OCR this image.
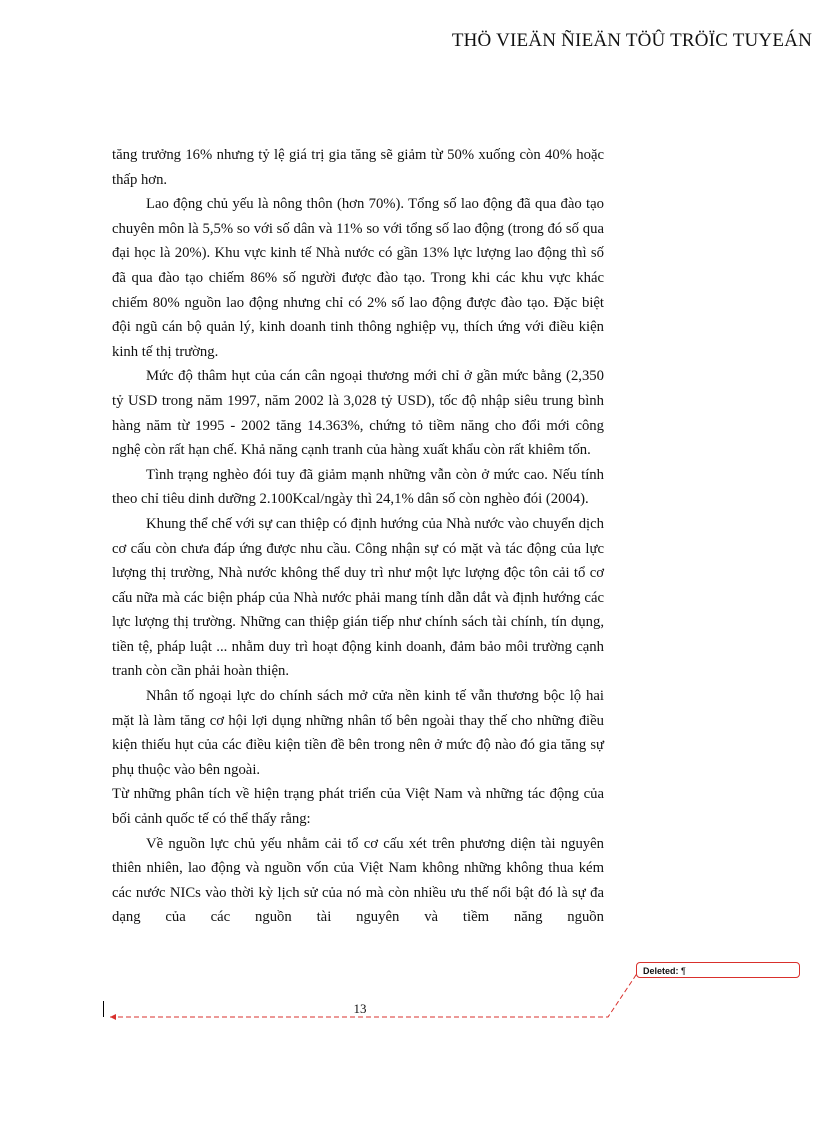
THÖ VIEÄN ÑIEÄN TÖÛ TRÖÏC TUYEÁN

tăng trưởng 16% nhưng tỷ lệ giá trị gia tăng sẽ giảm từ 50% xuống còn 40% hoặc thấp hơn.

Lao động chủ yếu là nông thôn (hơn 70%). Tổng số lao động đã qua đào tạo chuyên môn là 5,5% so với số dân và 11% so với tổng số lao động (trong đó số qua đại học là 20%). Khu vực kinh tế Nhà nước có gần 13% lực lượng lao động thì số đã qua đào tạo chiếm 86% số người được đào tạo. Trong khi các khu vực khác chiếm 80% nguồn lao động nhưng chỉ có 2% số lao động được đào tạo. Đặc biệt đội ngũ cán bộ quản lý, kinh doanh tinh thông nghiệp vụ, thích ứng với điều kiện kinh tế thị trường.

Mức độ thâm hụt của cán cân ngoại thương mới chỉ ở gần mức bằng (2,350 tỷ USD trong năm 1997, năm 2002 là 3,028 tỷ USD), tốc độ nhập siêu trung bình hàng năm từ 1995 - 2002 tăng 14.363%, chứng tỏ tiềm năng cho đổi mới công nghệ còn rất hạn chế. Khả năng cạnh tranh của hàng xuất khẩu còn rất khiêm tốn.

Tình trạng nghèo đói tuy đã giảm mạnh những vẫn còn ở mức cao. Nếu tính theo chỉ tiêu dinh dưỡng 2.100Kcal/ngày thì 24,1% dân số còn nghèo đói (2004).

Khung thể chế với sự can thiệp có định hướng của Nhà nước vào chuyển dịch cơ cấu còn chưa đáp ứng được nhu cầu. Công nhận sự có mặt và tác động của lực lượng thị trường, Nhà nước không thể duy trì như một lực lượng độc tôn cải tổ cơ cấu nữa mà các biện pháp của Nhà nước phải mang tính dẫn dắt và định hướng các lực lượng thị trường. Những can thiệp gián tiếp như chính sách tài chính, tín dụng, tiền tệ, pháp luật ... nhằm duy trì hoạt động kinh doanh, đảm bảo môi trường cạnh tranh còn cần phải hoàn thiện.

Nhân tố ngoại lực do chính sách mở cửa nền kinh tế vẫn thương bộc lộ hai mặt là làm tăng cơ hội lợi dụng những nhân tố bên ngoài thay thế cho những điều kiện thiếu hụt của các điều kiện tiền đề bên trong nên ở mức độ nào đó gia tăng sự phụ thuộc vào bên ngoài.

Từ những phân tích về hiện trạng phát triển của Việt Nam và những tác động của bối cảnh quốc tế có thể thấy rằng:

Về nguồn lực chủ yếu nhằm cải tổ cơ cấu xét trên phương diện tài nguyên thiên nhiên, lao động và nguồn vốn của Việt Nam không những không thua kém các nước NICs vào thời kỳ lịch sử của nó mà còn nhiều ưu thế nổi bật đó là sự đa dạng của các nguồn tài nguyên và tiềm năng nguồn

13
Deleted: ¶
